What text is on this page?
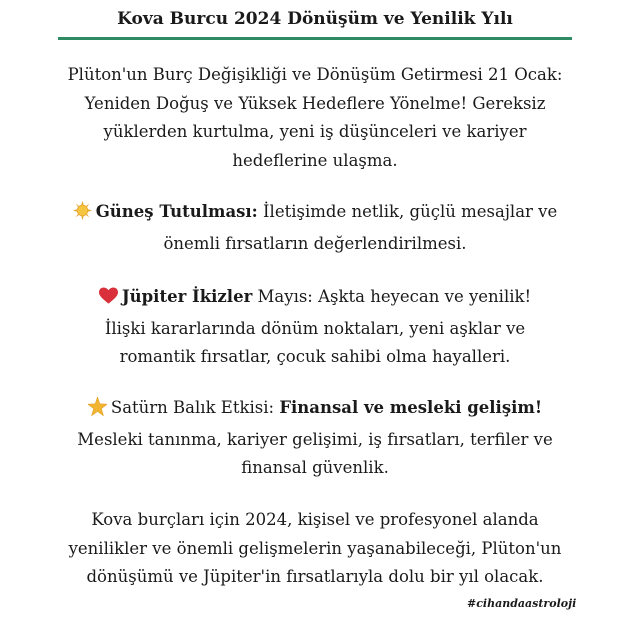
Kova Burcu 2024 Dönüşüm ve Yenilik Yılı
Plüton'un Burç Değişikliği ve Dönüşüm Getirmesi 21 Ocak:
Yeniden Doğuş ve Yüksek Hedeflere Yönelme! Gereksiz
yüklerden kurtulma, yeni iş düşünceleri ve kariyer
hedeflerine ulaşma.
Güneş Tutulması: İletişimde netlik, güçlü mesajlar ve
önemli fırsatların değerlendirilmesi.
Jüpiter İkizler Mayıs: Aşkta heyecan ve yenilik!
İlişki kararlarında dönüm noktaları, yeni aşklar ve
romantik fırsatlar, çocuk sahibi olma hayalleri.
Satürn Balık Etkisi: Finansal ve mesleki gelişim!
Mesleki tanınma, kariyer gelişimi, iş fırsatları, terfiler ve
finansal güvenlik.
Kova burçları için 2024, kişisel ve profesyonel alanda
yenilikler ve önemli gelişmelerin yaşanabileceği, Plüton'un
dönüşümü ve Jüpiter'in fırsatlarıyla dolu bir yıl olacak.
#cihandaastroloji
